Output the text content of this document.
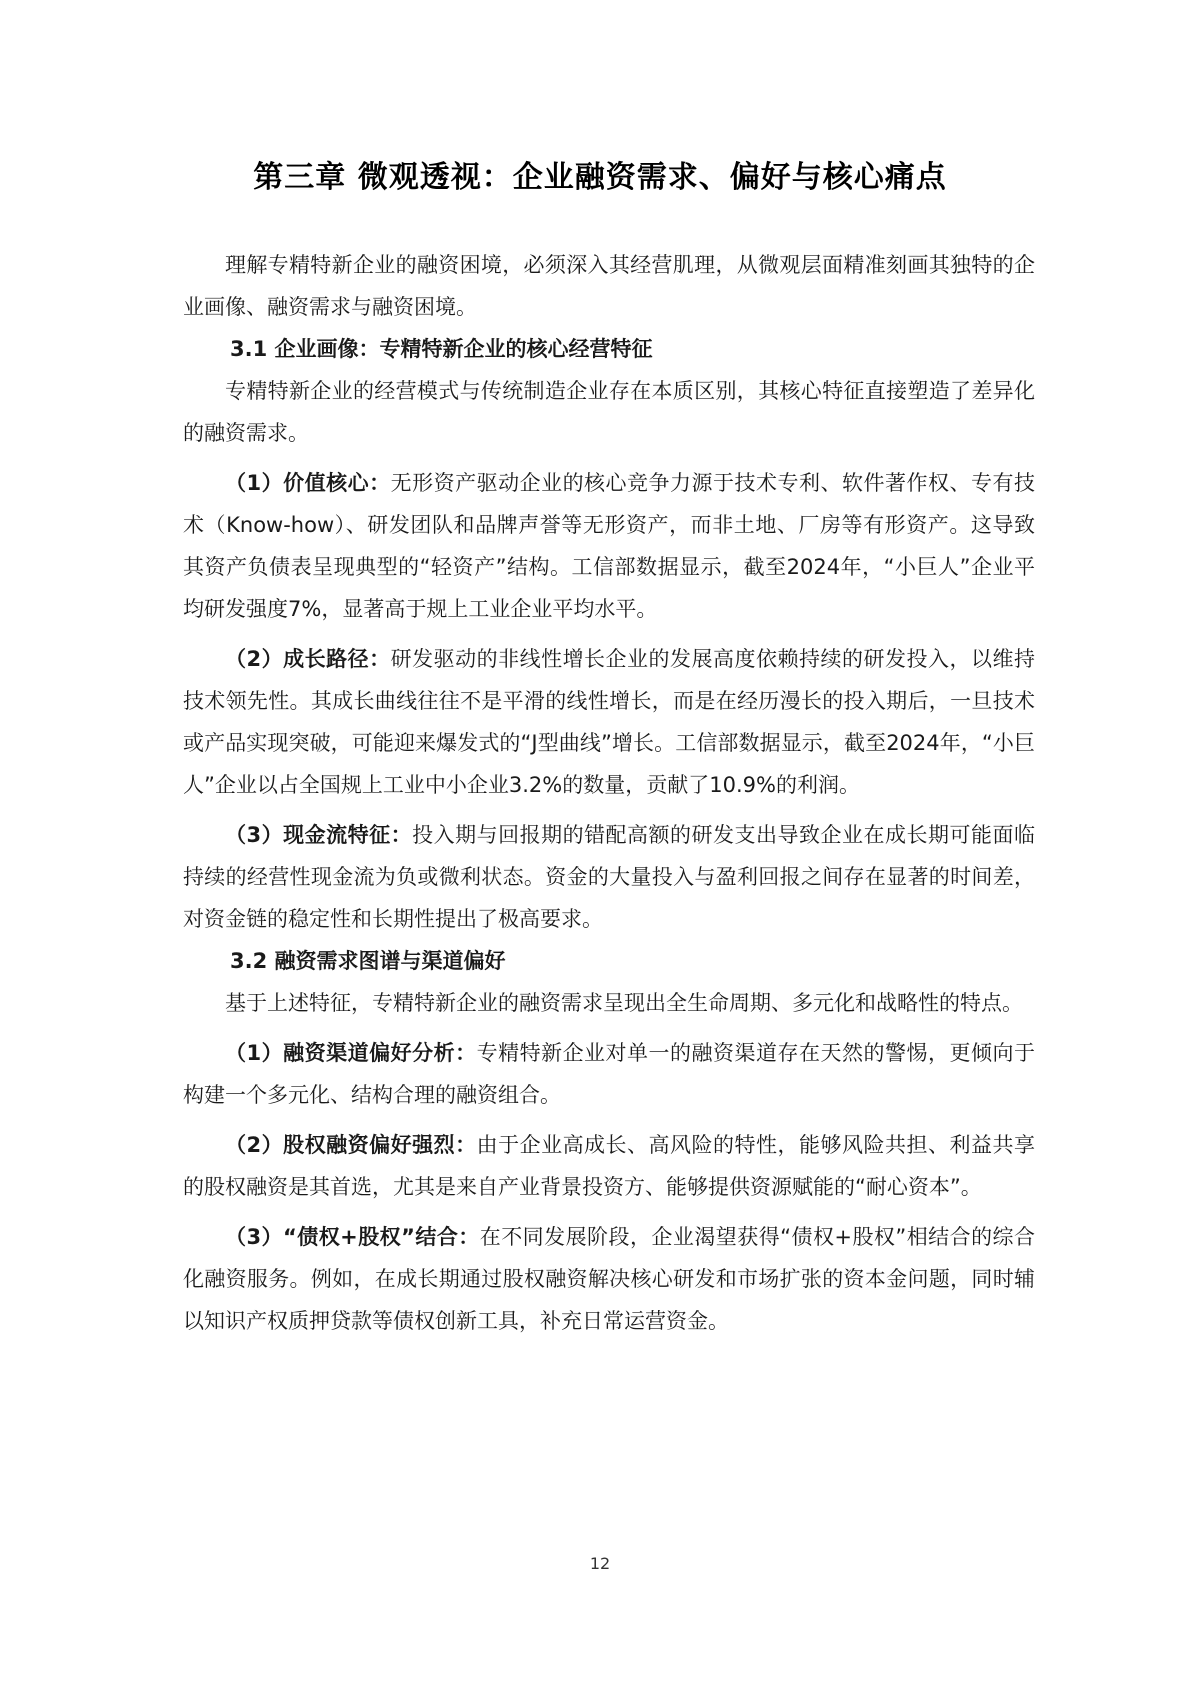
第三章 微观透视：企业融资需求、偏好与核心痛点

理解专精特新企业的融资困境，必须深入其经营肌理，从微观层面精准刻画其独特的企业画像、融资需求与融资困境。

3.1 企业画像：专精特新企业的核心经营特征

专精特新企业的经营模式与传统制造企业存在本质区别，其核心特征直接塑造了差异化的融资需求。

（1）价值核心：无形资产驱动企业的核心竞争力源于技术专利、软件著作权、专有技术（Know-how）、研发团队和品牌声誉等无形资产，而非土地、厂房等有形资产。这导致其资产负债表呈现典型的“轻资产”结构。工信部数据显示，截至2024年，“小巨人”企业平均研发强度7%，显著高于规上工业企业平均水平。

（2）成长路径：研发驱动的非线性增长企业的发展高度依赖持续的研发投入，以维持技术领先性。其成长曲线往往不是平滑的线性增长，而是在经历漫长的投入期后，一旦技术或产品实现突破，可能迎来爆发式的“J型曲线”增长。工信部数据显示，截至2024年，“小巨人”企业以占全国规上工业中小企业3.2%的数量，贡献了10.9%的利润。

（3）现金流特征：投入期与回报期的错配高额的研发支出导致企业在成长期可能面临持续的经营性现金流为负或微利状态。资金的大量投入与盈利回报之间存在显著的时间差，对资金链的稳定性和长期性提出了极高要求。

3.2 融资需求图谱与渠道偏好

基于上述特征，专精特新企业的融资需求呈现出全生命周期、多元化和战略性的特点。

（1）融资渠道偏好分析：专精特新企业对单一的融资渠道存在天然的警惕，更倾向于构建一个多元化、结构合理的融资组合。

（2）股权融资偏好强烈：由于企业高成长、高风险的特性，能够风险共担、利益共享的股权融资是其首选，尤其是来自产业背景投资方、能够提供资源赋能的“耐心资本”。

（3）“债权+股权”结合：在不同发展阶段，企业渴望获得“债权+股权”相结合的综合化融资服务。例如，在成长期通过股权融资解决核心研发和市场扩张的资本金问题，同时辅以知识产权质押贷款等债权创新工具，补充日常运营资金。

12
